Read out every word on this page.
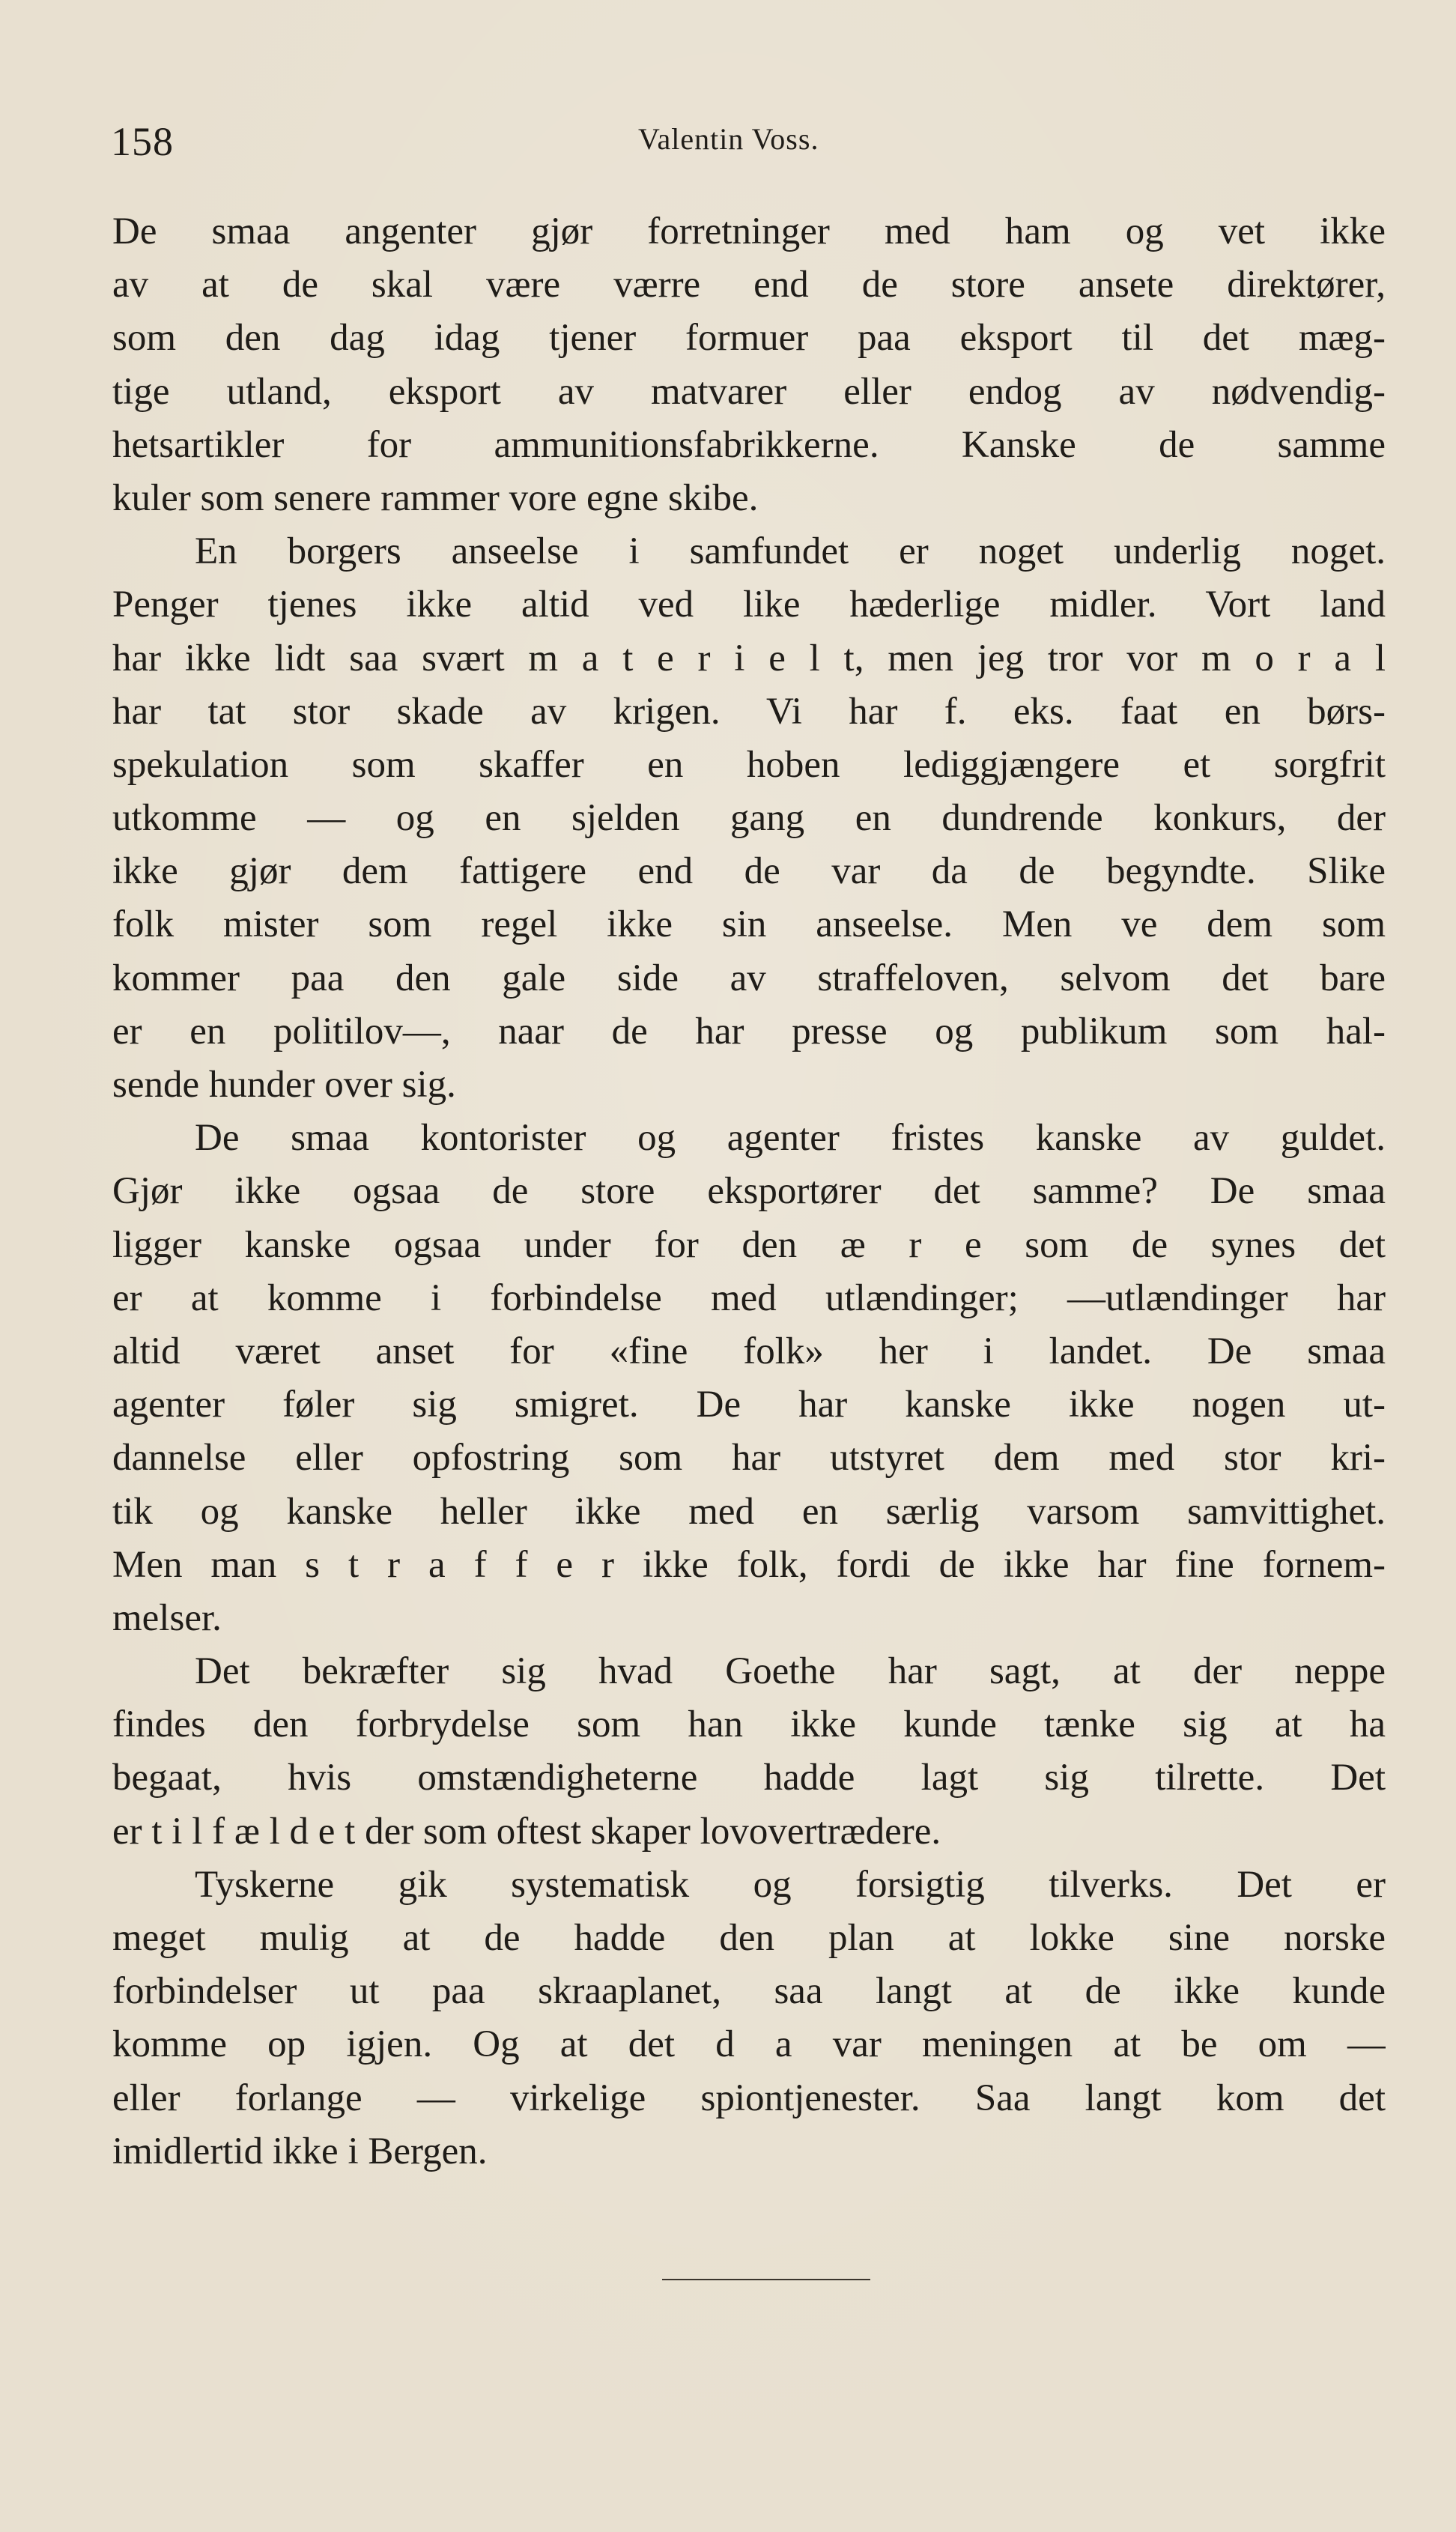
158	Valentin Voss.
De smaa angenter gjør forretninger med ham og vet ikke
av at de skal være værre end de store ansete direktører,
som den dag idag tjener formuer paa eksport til det mæg-
tige utland, eksport av matvarer eller endog av nødvendig-
hetsartikler for ammunitionsfabrikkerne. Kanske de samme
kuler som senere rammer vore egne skibe.
En borgers anseelse i samfundet er noget underlig noget.
Penger tjenes ikke altid ved like hæderlige midler. Vort land
har ikke lidt saa svært m a t e r i e l t, men jeg tror vor m o r a l
har tat stor skade av krigen. Vi har f. eks. faat en børs-
spekulation som skaffer en hoben lediggjængere et sorgfrit
utkomme — og en sjelden gang en dundrende konkurs, der
ikke gjør dem fattigere end de var da de begyndte. Slike
folk mister som regel ikke sin anseelse. Men ve dem som
kommer paa den gale side av straffeloven, selvom det bare
er en politilov—, naar de har presse og publikum som hal-
sende hunder over sig.
De smaa kontorister og agenter fristes kanske av guldet.
Gjør ikke ogsaa de store eksportører det samme? De smaa
ligger kanske ogsaa under for den æ r e som de synes det
er at komme i forbindelse med utlændinger; —utlændinger har
altid været anset for «fine folk» her i landet. De smaa
agenter føler sig smigret. De har kanske ikke nogen ut-
dannelse eller opfostring som har utstyret dem med stor kri-
tik og kanske heller ikke med en særlig varsom samvittighet.
Men man s t r a f f e r ikke folk, fordi de ikke har fine fornem-
melser.
Det bekræfter sig hvad Goethe har sagt, at der neppe
findes den forbrydelse som han ikke kunde tænke sig at ha
begaat, hvis omstændigheterne hadde lagt sig tilrette. Det
er t i l f æ l d e t der som oftest skaper lovovertrædere.
Tyskerne gik systematisk og forsigtig tilverks. Det er
meget mulig at de hadde den plan at lokke sine norske
forbindelser ut paa skraaplanet, saa langt at de ikke kunde
komme op igjen. Og at det d a var meningen at be om —
eller forlange — virkelige spiontjenester. Saa langt kom det
imidlertid ikke i Bergen.
